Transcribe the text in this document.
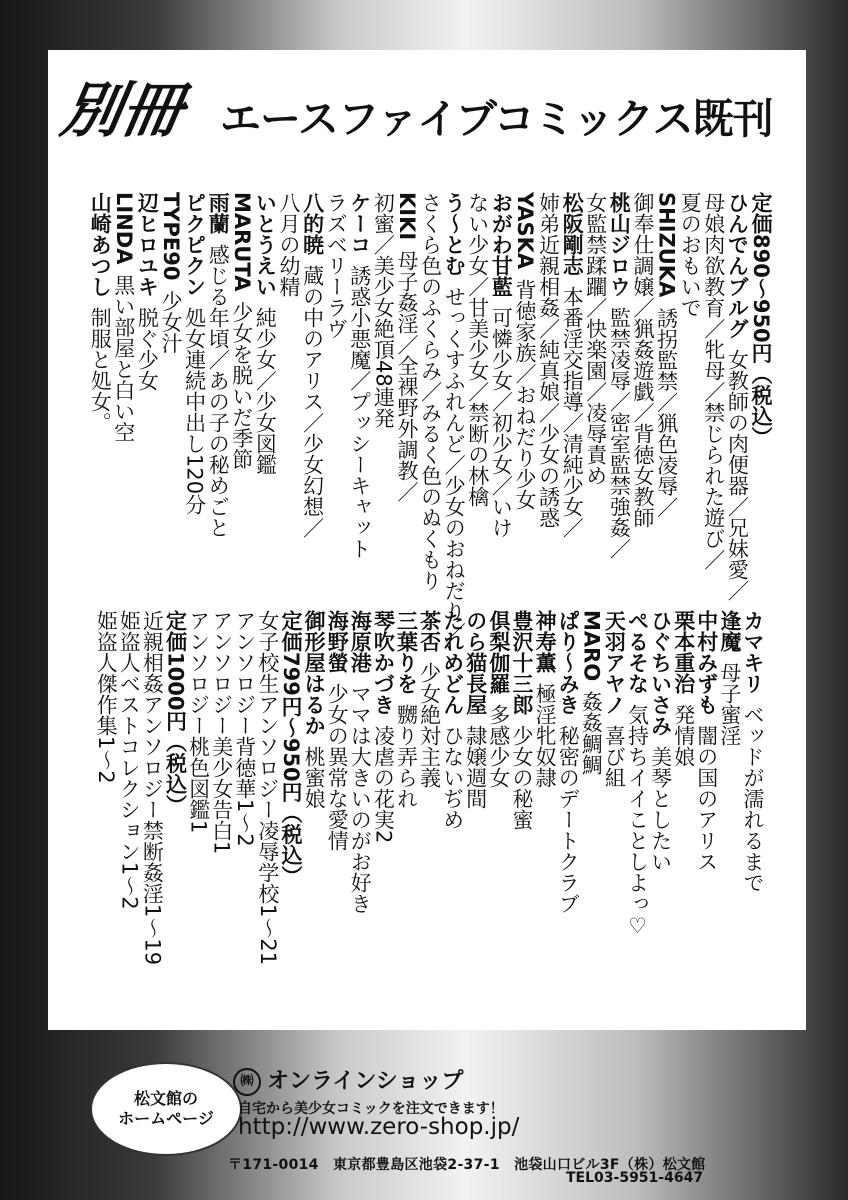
別冊 エースファイブコミックス既刊
定価890〜950円（税込）
ひんでんブルグ女教師の肉便器／兄妹愛／
母娘肉欲教育／牝母／禁じられた遊び／
夏のおもいで
SHIZUKA誘拐監禁／猟色凌辱／
御奉仕調嬢／猟姦遊戯／背徳女教師
桃山ジロウ監禁凌辱／密室監禁強姦／
女監禁蹂躙／快楽園／凌辱責め
松阪剛志本番淫交指導／清純少女／
姉弟近親相姦／純真娘／少女の誘惑
YASKA背徳家族／おねだり少女
おがわ甘藍可憐少女／初少女／いけ
ない少女／甘美少女／禁断の林檎
う〜とむせっくすふれんど／少女のおねだり／
さくら色のふくらみ／みるく色のぬくもり
KIKI母子姦淫／全裸野外調教／
初蜜／美少女絶頂48連発
ケーコ誘惑小悪魔／プッシーキャット
ラズベリーラヴ
八的暁蔵の中のアリス／少女幻想／
八月の幼精
いとうえい純少女／少女図鑑
MARUTA少女を脱いだ季節
雨蘭感じる年頃／あの子の秘めごと
ピクピクン処女連続中出し120分
TYPE90少女汁
辺ヒロユキ脱ぐ少女
LINDA黒い部屋と白い空
山崎あつし制服と処女。
カマキリベッドが濡れるまで
逢魔母子蜜淫
中村みずも闇の国のアリス
栗本重治発情娘
ひぐちいさみ美琴としたい
ぺるそな気持ちイイことしよっ♡
天羽アヤノ喜び組
MARO姦姦鯛鯛
ぱり〜みき秘密のデートクラブ
神寿薫極淫牝奴隷
豊沢十三郎少女の秘蜜
倶梨伽羅多感少女
のら猫長屋隷嬢週間
たれめどんひないぢめ
茶否少女絶対主義
三葉りを嬲り弄られ
琴吹かづき凌虐の花実2
海原港ママは大きいのがお好き
海野螢少女の異常な愛情
御形屋はるか桃蜜娘
定価799円〜950円（税込）
女子校生アンソロジー凌辱学校1〜21
アンソロジー背徳華1〜2
アンソロジー美少女告白1
アンソロジー桃色図鑑1
定価1000円（税込）
近親相姦アンソロジー禁断姦淫1〜19
姫盗人ベストコレクション1〜2
姫盗人傑作集1〜2
松文館の
ホームページ
㈱ オンラインショップ
自宅から美少女コミックを注文できます！
http://www.zero-shop.jp/
〒171-0014　東京都豊島区池袋2-37-1　池袋山口ビル3F（株）松文館
TEL03-5951-4647
